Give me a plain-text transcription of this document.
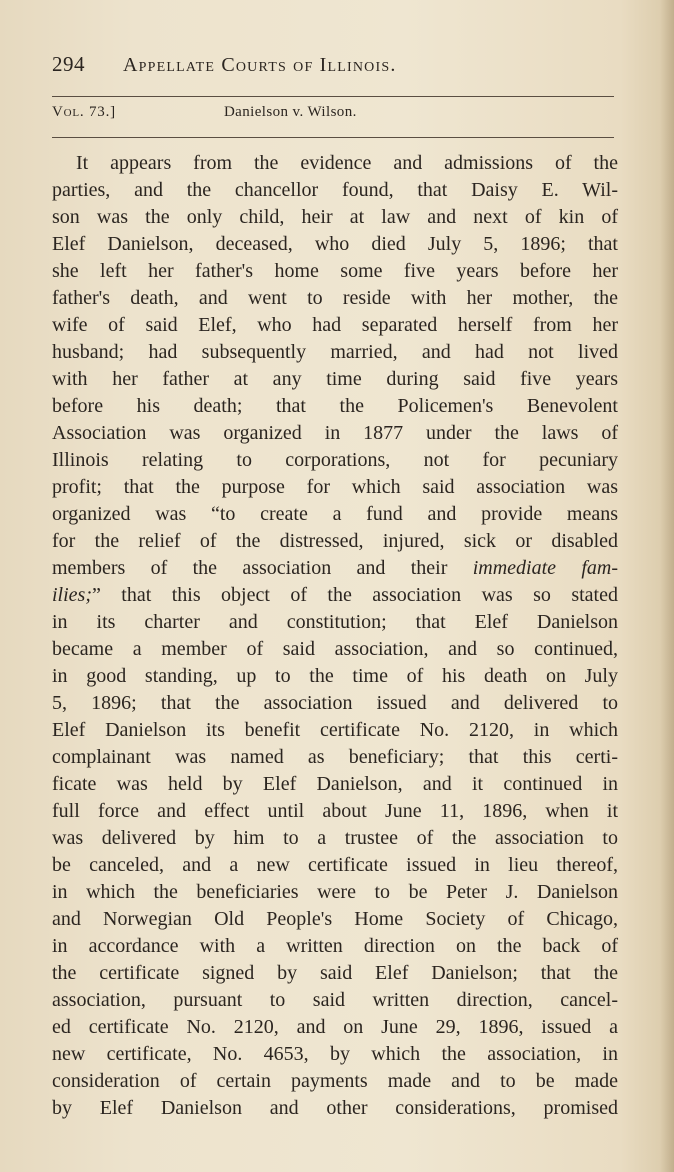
294 Appellate Courts of Illinois.
Vol. 73.]	Danielson v. Wilson.
It appears from the evidence and admissions of the
parties, and the chancellor found, that Daisy E. Wil-
son was the only child, heir at law and next of kin of
Elef Danielson, deceased, who died July 5, 1896; that
she left her father's home some five years before her
father's death, and went to reside with her mother, the
wife of said Elef, who had separated herself from her
husband; had subsequently married, and had not lived
with her father at any time during said five years
before his death; that the Policemen's Benevolent
Association was organized in 1877 under the laws of
Illinois relating to corporations, not for pecuniary
profit; that the purpose for which said association was
organized was “to create a fund and provide means
for the relief of the distressed, injured, sick or disabled
members of the association and their immediate fam-
ilies;” that this object of the association was so stated
in its charter and constitution; that Elef Danielson
became a member of said association, and so continued,
in good standing, up to the time of his death on July
5, 1896; that the association issued and delivered to
Elef Danielson its benefit certificate No. 2120, in which
complainant was named as beneficiary; that this certi-
ficate was held by Elef Danielson, and it continued in
full force and effect until about June 11, 1896, when it
was delivered by him to a trustee of the association to
be canceled, and a new certificate issued in lieu thereof,
in which the beneficiaries were to be Peter J. Danielson
and Norwegian Old People's Home Society of Chicago,
in accordance with a written direction on the back of
the certificate signed by said Elef Danielson; that the
association, pursuant to said written direction, cancel-
ed certificate No. 2120, and on June 29, 1896, issued a
new certificate, No. 4653, by which the association, in
consideration of certain payments made and to be made
by Elef Danielson and other considerations, promised
